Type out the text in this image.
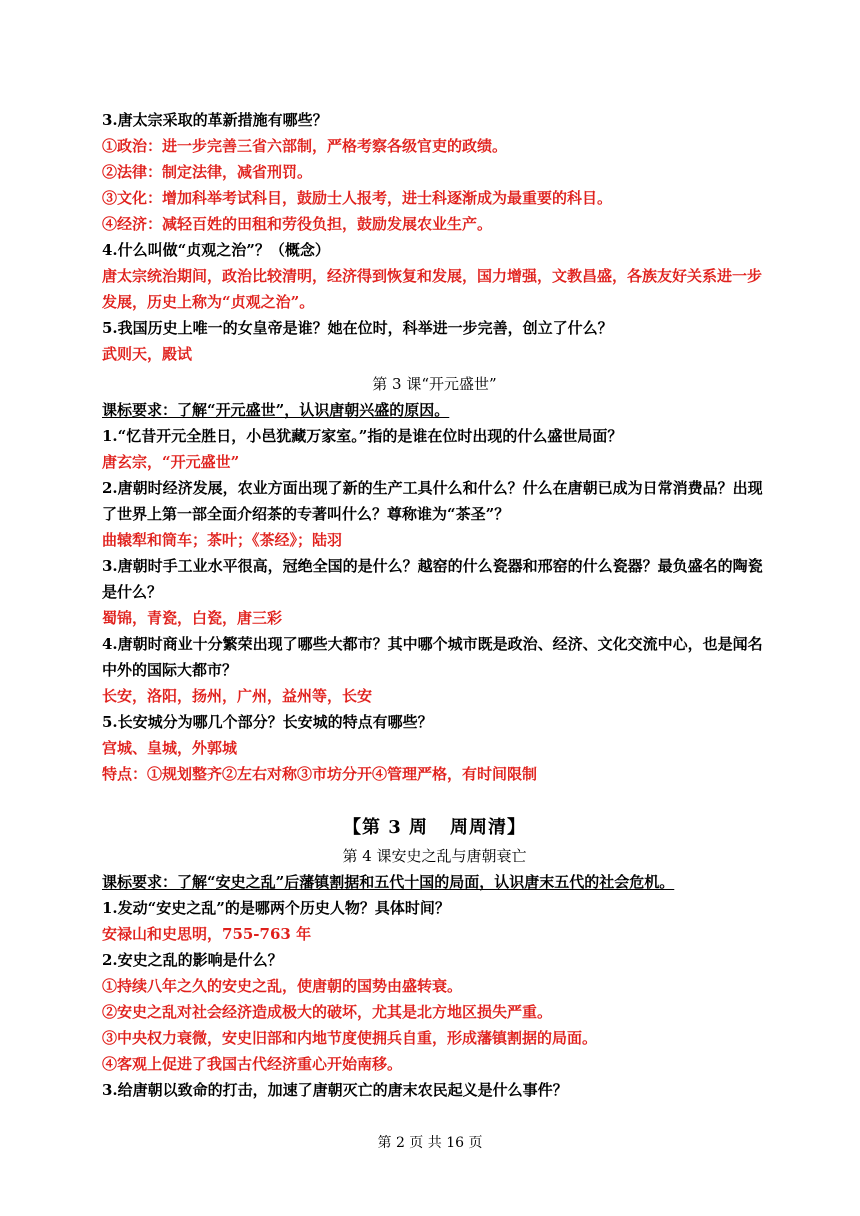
3.唐太宗采取的革新措施有哪些？
①政治：进一步完善三省六部制，严格考察各级官吏的政绩。
②法律：制定法律，减省刑罚。
③文化：增加科举考试科目，鼓励士人报考，进士科逐渐成为最重要的科目。
④经济：减轻百姓的田租和劳役负担，鼓励发展农业生产。
4.什么叫做“贞观之治”？（概念）
唐太宗统治期间，政治比较清明，经济得到恢复和发展，国力增强，文教昌盛，各族友好关系进一步发展，历史上称为“贞观之治”。
5.我国历史上唯一的女皇帝是谁？她在位时，科举进一步完善，创立了什么？
武则天，殿试
第 3 课“开元盛世”
课标要求：了解“开元盛世”，认识唐朝兴盛的原因。
1.“忆昔开元全胜日，小邑犹藏万家室。”指的是谁在位时出现的什么盛世局面？
唐玄宗，“开元盛世”
2.唐朝时经济发展，农业方面出现了新的生产工具什么和什么？什么在唐朝已成为日常消费品？出现了世界上第一部全面介绍茶的专著叫什么？尊称谁为“茶圣”？
曲辕犁和筒车；茶叶；《茶经》；陆羽
3.唐朝时手工业水平很高，冠绝全国的是什么？越窑的什么瓷器和邢窑的什么瓷器？最负盛名的陶瓷是什么？
蜀锦，青瓷，白瓷，唐三彩
4.唐朝时商业十分繁荣出现了哪些大都市？其中哪个城市既是政治、经济、文化交流中心，也是闻名中外的国际大都市？
长安，洛阳，扬州，广州，益州等，长安
5.长安城分为哪几个部分？长安城的特点有哪些？
宫城、皇城，外郭城
特点：①规划整齐②左右对称③市坊分开④管理严格，有时间限制
【第 3 周 周周清】
第 4 课安史之乱与唐朝衰亡
课标要求：了解“安史之乱”后藩镇割据和五代十国的局面，认识唐末五代的社会危机。
1.发动“安史之乱”的是哪两个历史人物？具体时间？
安禄山和史思明，755-763 年
2.安史之乱的影响是什么？
①持续八年之久的安史之乱，使唐朝的国势由盛转衰。
②安史之乱对社会经济造成极大的破坏，尤其是北方地区损失严重。
③中央权力衰微，安史旧部和内地节度使拥兵自重，形成藩镇割据的局面。
④客观上促进了我国古代经济重心开始南移。
3.给唐朝以致命的打击，加速了唐朝灭亡的唐末农民起义是什么事件？
第 2 页 共 16 页
